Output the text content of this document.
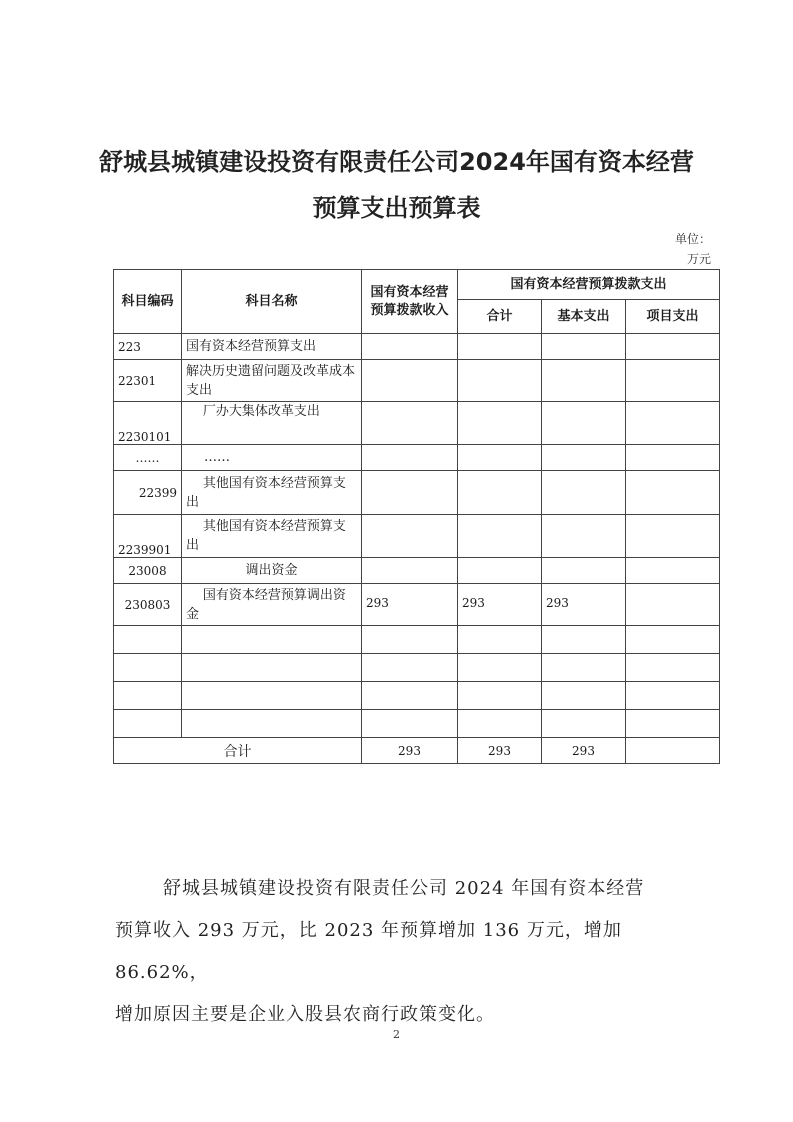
舒城县城镇建设投资有限责任公司2024年国有资本经营
预算支出预算表
单位：
万元
科目编码	科目名称	国有资本经营预算拨款收入	国有资本经营预算拨款支出		
			合计	基本支出	项目支出
223	国有资本经营预算支出				
22301	解决历史遗留问题及改革成本支出				
2230101	厂办大集体改革支出				
……	……				
22399	其他国有资本经营预算支出				
2239901	其他国有资本经营预算支出				
23008	调出资金				
230803	国有资本经营预算调出资金	293	293	293	

合计		293	293	293	
舒城县城镇建设投资有限责任公司 2024 年国有资本经营
预算收入 293 万元，比 2023 年预算增加 136 万元，增加 86.62%，
增加原因主要是企业入股县农商行政策变化。
2
